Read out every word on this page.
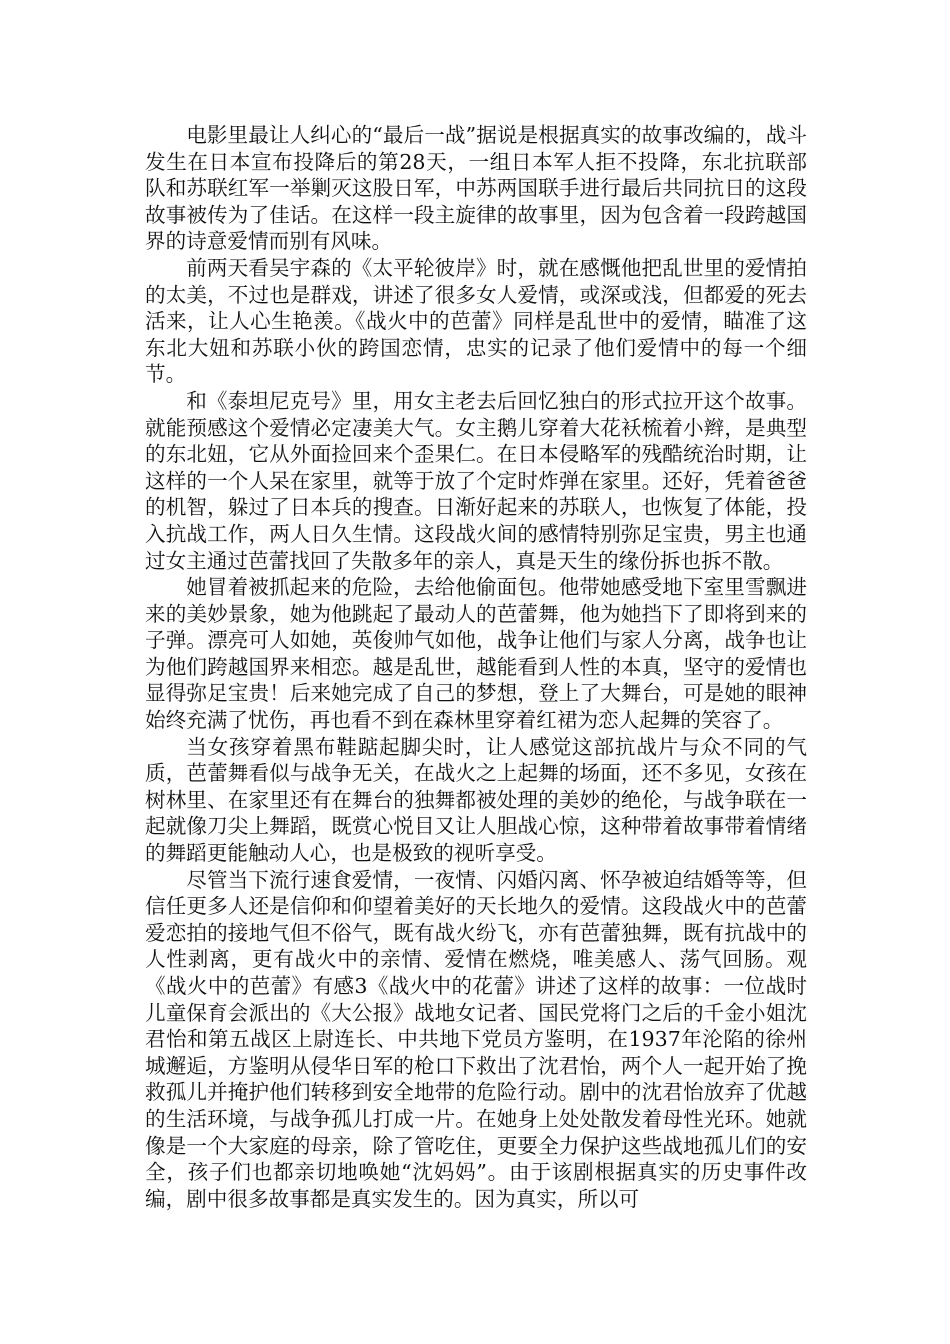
电影里最让人纠心的“最后一战”据说是根据真实的故事改编的，战斗发生在日本宣布投降后的第28天，一组日本军人拒不投降，东北抗联部队和苏联红军一举剿灭这股日军，中苏两国联手进行最后共同抗日的这段故事被传为了佳话。在这样一段主旋律的故事里，因为包含着一段跨越国界的诗意爱情而别有风味。

前两天看吴宇森的《太平轮彼岸》时，就在感慨他把乱世里的爱情拍的太美，不过也是群戏，讲述了很多女人爱情，或深或浅，但都爱的死去活来，让人心生艳羡。《战火中的芭蕾》同样是乱世中的爱情，瞄准了这东北大妞和苏联小伙的跨国恋情，忠实的记录了他们爱情中的每一个细节。

和《泰坦尼克号》里，用女主老去后回忆独白的形式拉开这个故事。就能预感这个爱情必定凄美大气。女主鹅儿穿着大花袄梳着小辫，是典型的东北妞，它从外面捡回来个歪果仁。在日本侵略军的残酷统治时期，让这样的一个人呆在家里，就等于放了个定时炸弹在家里。还好，凭着爸爸的机智，躲过了日本兵的搜查。日渐好起来的苏联人，也恢复了体能，投入抗战工作，两人日久生情。这段战火间的感情特别弥足宝贵，男主也通过女主通过芭蕾找回了失散多年的亲人，真是天生的缘份拆也拆不散。

她冒着被抓起来的危险，去给他偷面包。他带她感受地下室里雪飘进来的美妙景象，她为他跳起了最动人的芭蕾舞，他为她挡下了即将到来的子弹。漂亮可人如她，英俊帅气如他，战争让他们与家人分离，战争也让为他们跨越国界来相恋。越是乱世，越能看到人性的本真，坚守的爱情也显得弥足宝贵！后来她完成了自己的梦想，登上了大舞台，可是她的眼神始终充满了忧伤，再也看不到在森林里穿着红裙为恋人起舞的笑容了。

当女孩穿着黑布鞋踮起脚尖时，让人感觉这部抗战片与众不同的气质，芭蕾舞看似与战争无关，在战火之上起舞的场面，还不多见，女孩在树林里、在家里还有在舞台的独舞都被处理的美妙的绝伦，与战争联在一起就像刀尖上舞蹈，既赏心悦目又让人胆战心惊，这种带着故事带着情绪的舞蹈更能触动人心，也是极致的视听享受。

尽管当下流行速食爱情，一夜情、闪婚闪离、怀孕被迫结婚等等，但信任更多人还是信仰和仰望着美好的天长地久的爱情。这段战火中的芭蕾爱恋拍的接地气但不俗气，既有战火纷飞，亦有芭蕾独舞，既有抗战中的人性剥离，更有战火中的亲情、爱情在燃烧，唯美感人、荡气回肠。观《战火中的芭蕾》有感3《战火中的花蕾》讲述了这样的故事：一位战时儿童保育会派出的《大公报》战地女记者、国民党将门之后的千金小姐沈君怡和第五战区上尉连长、中共地下党员方鉴明，在1937年沦陷的徐州城邂逅，方鉴明从侵华日军的枪口下救出了沈君怡，两个人一起开始了挽救孤儿并掩护他们转移到安全地带的危险行动。剧中的沈君怡放弃了优越的生活环境，与战争孤儿打成一片。在她身上处处散发着母性光环。她就像是一个大家庭的母亲，除了管吃住，更要全力保护这些战地孤儿们的安全，孩子们也都亲切地唤她“沈妈妈”。由于该剧根据真实的历史事件改编，剧中很多故事都是真实发生的。因为真实，所以可
